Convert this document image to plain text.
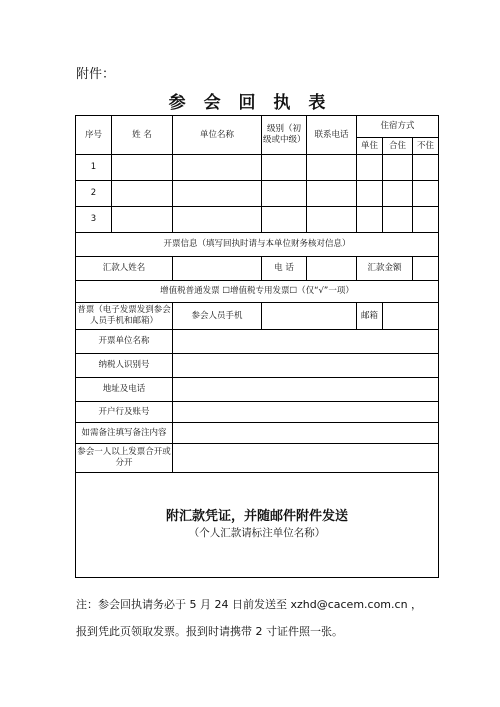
附件：
参 会 回 执 表
序号	姓 名	单位名称	级别（初级或中级）	联系电话	住宿方式		
					单住	合住	不住
1							
2							
3							
开票信息（填写回执时请与本单位财务核对信息）							
汇款人姓名			电 话		汇款金额		
增值税普通发票 ☐增值税专用发票☐（仅“√”一项）							
普票（电子发票发到参会人员手机和邮箱）		参会人员手机			邮箱		
开票单位名称							
纳税人识别号							
地址及电话							
开户行及账号							
如需备注填写备注内容							
参会一人以上发票合开或分开							

附汇款凭证，并随邮件附件发送
（个人汇款请标注单位名称）							
注：参会回执请务必于 5 月 24 日前发送至 xzhd@cacem.com.cn ，
报到凭此页领取发票。报到时请携带 2 寸证件照一张。
